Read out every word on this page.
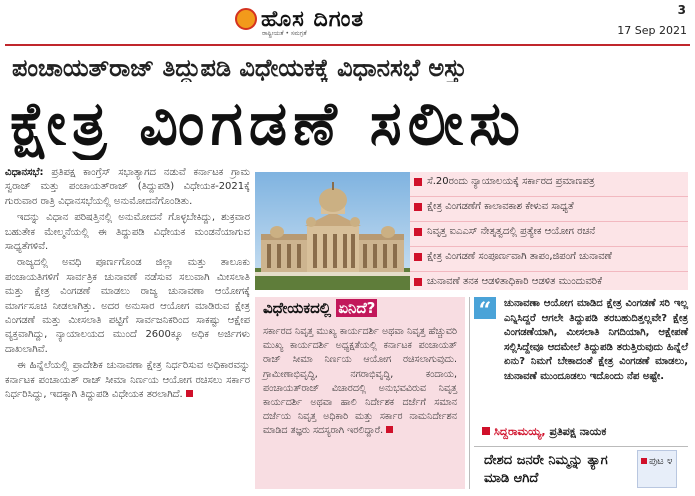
ಹೊಸ ದಿಗಂತ
ರಾಷ್ಟ್ರೀಯತೆ • ಸಮಗ್ರತೆ
3
17 Sep 2021
ಪಂಚಾಯತ್‌ರಾಜ್ ತಿದ್ದುಪಡಿ ವಿಧೇಯಕಕ್ಕೆ ವಿಧಾನಸಭೆ ಅಸ್ತು
ಕ್ಷೇತ್ರ ವಿಂಗಡಣೆ ಸಲೀಸು

ವಿಧಾನಸಭೆ: ಪ್ರತಿಪಕ್ಷ ಕಾಂಗ್ರೆಸ್ ಸಭಾತ್ಯಾಗದ ನಡುವೆ ಕರ್ನಾಟಕ ಗ್ರಾಮ ಸ್ವರಾಜ್ ಮತ್ತು ಪಂಚಾಯತ್‌ರಾಜ್ (ತಿದ್ದುಪಡಿ) ವಿಧೇಯಕ-2021ಕ್ಕೆ ಗುರುವಾರ ರಾತ್ರಿ ವಿಧಾನಸಭೆಯಲ್ಲಿ ಅನುಮೋದನೆಗೊಂಡಿತು.

ಇದನ್ನು ವಿಧಾನ ಪರಿಷತ್ತಿನಲ್ಲಿ ಅನುಮೋದನೆ ಗೊಳ್ಳಬೇಕಿದ್ದು, ಶುಕ್ರವಾರ ಬಹುತೇಕ ಮೇಲ್ಮನೆಯಲ್ಲಿ ಈ ತಿದ್ದುಪಡಿ ವಿಧೇಯಕ ಮಂಡನೆಯಾಗುವ ಸಾಧ್ಯತೆಗಳಿವೆ.

ರಾಜ್ಯದಲ್ಲಿ ಅವಧಿ ಪೂರ್ಣಗೊಂಡ ಜಿಲ್ಲಾ ಮತ್ತು ತಾಲೂಕು ಪಂಚಾಯತಿಗಳಿಗೆ ಸಾರ್ವತ್ರಿಕ ಚುನಾವಣೆ ನಡೆಸುವ ಸಲುವಾಗಿ ಮೀಸಲಾತಿ ಮತ್ತು ಕ್ಷೇತ್ರ ವಿಂಗಡಣೆ ಮಾಡಲು ರಾಜ್ಯ ಚುನಾವಣಾ ಆಯೋಗಕ್ಕೆ ಮಾರ್ಗಸೂಚಿ ನೀಡಲಾಗಿತ್ತು. ಅದರ ಅನುಸಾರ ಆಯೋಗ ಮಾಡಿರುವ ಕ್ಷೇತ್ರ ವಿಂಗಡಣೆ ಮತ್ತು ಮೀಸಲಾತಿ ಪಟ್ಟಿಗೆ ಸಾರ್ವಜನಿಕರಿಂದ ಸಾಕಷ್ಟು ಆಕ್ಷೇಪ ವ್ಯಕ್ತವಾಗಿದ್ದು, ನ್ಯಾಯಾಲಯದ ಮುಂದೆ 2600ಕ್ಕೂ ಅಧಿಕ ಅರ್ಜಿಗಳು ದಾಖಲಾಗಿವೆ.

ಈ ಹಿನ್ನೆಲೆಯಲ್ಲಿ ಪ್ರಾದೇಶಿಕ ಚುನಾವಣಾ ಕ್ಷೇತ್ರ ನಿರ್ಧರಿಸುವ ಅಧಿಕಾರವನ್ನು ಕರ್ನಾಟಕ ಪಂಚಾಯತ್ ರಾಜ್ ಸೀಮಾ ನಿರ್ಣಯ ಆಯೋಗ ರಚಿಸಲು ಸರ್ಕಾರ ನಿರ್ಧರಿಸಿದ್ದು, ಇದಕ್ಕಾಗಿ ತಿದ್ದುಪಡಿ ವಿಧೇಯಕ ತರಲಾಗಿದೆ.

ಸೆ.20ರಂದು ನ್ಯಾಯಾಲಯಕ್ಕೆ ಸರ್ಕಾರದ ಪ್ರಮಾಣಪತ್ರ
ಕ್ಷೇತ್ರ ವಿಂಗಡಣೆಗೆ ಕಾಲಾವಕಾಶ ಕೇಳುವ ಸಾಧ್ಯತೆ
ನಿವೃತ್ತ ಐಎಎಸ್ ನೇತೃತ್ವದಲ್ಲಿ ಪ್ರತ್ಯೇಕ ಆಯೋಗ ರಚನೆ
ಕ್ಷೇತ್ರ ವಿಂಗಡಣೆ ಸಂಪೂರ್ಣವಾಗಿ ತಾಪಂ,ಜಿಪಂಗೆ ಚುನಾವಣೆ
ಚುನಾವಣೆ ತನಕ ಆಡಳಿತಾಧಿಕಾರಿ ಆಡಳಿತ ಮುಂದುವರಿಕೆ
ವಿಧೇಯಕದಲ್ಲಿ ಏನಿದೆ?
ಸರ್ಕಾರದ ನಿವೃತ್ತ ಮುಖ್ಯ ಕಾರ್ಯದರ್ಶಿ ಅಥವಾ ನಿವೃತ್ತ ಹೆಚ್ಚುವರಿ ಮುಖ್ಯ ಕಾರ್ಯದರ್ಶಿ ಅಧ್ಯಕ್ಷತೆಯಲ್ಲಿ ಕರ್ನಾಟಕ ಪಂಚಾಯತ್ ರಾಜ್ ಸೀಮಾ ನಿರ್ಣಯ ಆಯೋಗ ರಚಿಸಲಾಗುವುದು. ಗ್ರಾಮೀಣಾಭಿವೃದ್ಧಿ, ನಗರಾಭಿವೃದ್ಧಿ, ಕಂದಾಯ, ಪಂಚಾಯತ್‌ರಾಜ್ ವಿಚಾರದಲ್ಲಿ ಅನುಭವವಿರುವ ನಿವೃತ್ತ ಕಾರ್ಯದರ್ಶಿ ಅಥವಾ ಹಾಲಿ ನಿರ್ದೇಶಕ ದರ್ಜೆಗೆ ಸಮಾನ ದರ್ಜೆಯ ನಿವೃತ್ತ ಅಧಿಕಾರಿ ಮತ್ತು ಸರ್ಕಾರ ನಾಮನಿರ್ದೇಶನ ಮಾಡಿದ ತಜ್ಞರು ಸದಸ್ಯರಾಗಿ ಇರಲಿದ್ದಾರೆ.
“	ಚುನಾವಣಾ ಆಯೋಗ ಮಾಡಿದ ಕ್ಷೇತ್ರ ವಿಂಗಡಣೆ ಸರಿ ಇಲ್ಲ ಎನ್ನಿಸಿದ್ದರೆ ಆಗಲೇ ತಿದ್ದುಪಡಿ ತರಬಹುದಿತ್ತಲ್ಲವೇ? ಕ್ಷೇತ್ರ ವಿಂಗಡಣೆಯಾಗಿ, ಮೀಸಲಾತಿ ನಿಗದಿಯಾಗಿ, ಆಕ್ಷೇಪಣೆ ಸಲ್ಲಿಸಿದ್ದೇವೂ ಆದಮೇಲೆ ತಿದ್ದುಪಡಿ ತರುತ್ತಿರುವುದು ಹಿನ್ನೆಲೆ ಏನು? ನಿಮಗೆ ಬೇಕಾದಂತೆ ಕ್ಷೇತ್ರ ವಿಂಗಡಣೆ ಮಾಡಲು, ಚುನಾವಣೆ ಮುಂದೂಡಲು ಇದೊಂದು ನೆಪ ಅಷ್ಟೇ.
ಸಿದ್ದರಾಮಯ್ಯ, ಪ್ರತಿಪಕ್ಷ ನಾಯಕ
ದೇಶದ ಜನರೇ ನಿಮ್ಮನ್ನು ತ್ಯಾಗ ಮಾಡಿ ಆಗಿದೆ
ಪುಟ ೪
